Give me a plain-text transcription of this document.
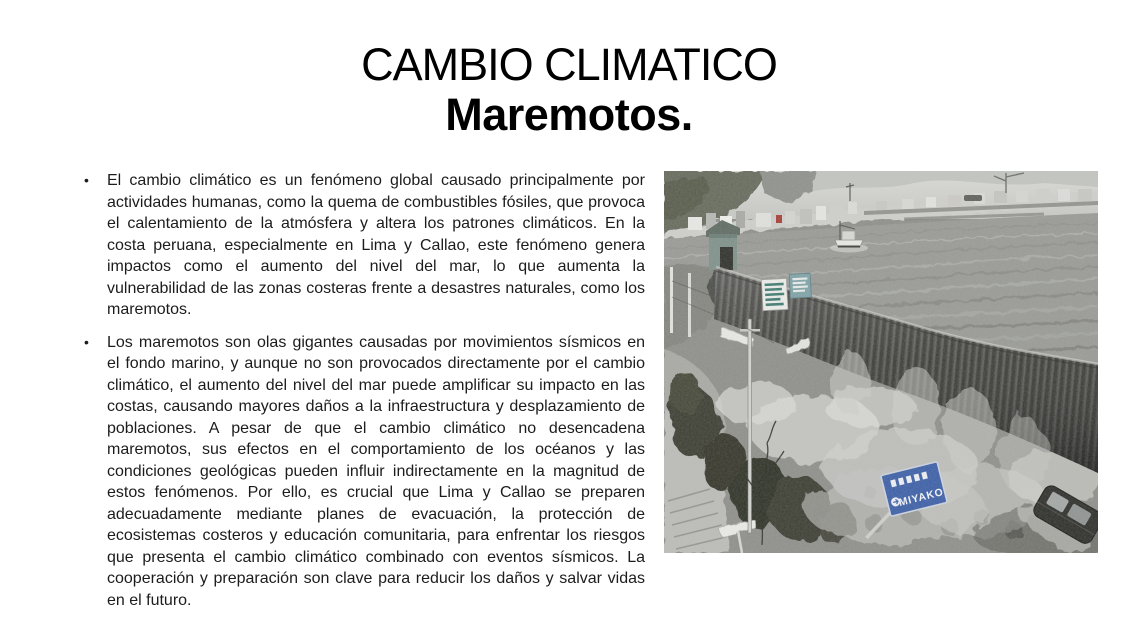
CAMBIO CLIMATICO
Maremotos.
•	El cambio climático es un fenómeno global causado principalmente por actividades humanas, como la quema de combustibles fósiles, que provoca el calentamiento de la atmósfera y altera los patrones climáticos. En la costa peruana, especialmente en Lima y Callao, este fenómeno genera impactos como el aumento del nivel del mar, lo que aumenta la vulnerabilidad de las zonas costeras frente a desastres naturales, como los maremotos.
•	Los maremotos son olas gigantes causadas por movimientos sísmicos en el fondo marino, y aunque no son provocados directamente por el cambio climático, el aumento del nivel del mar puede amplificar su impacto en las costas, causando mayores daños a la infraestructura y desplazamiento de poblaciones. A pesar de que el cambio climático no desencadena maremotos, sus efectos en el comportamiento de los océanos y las condiciones geológicas pueden influir indirectamente en la magnitud de estos fenómenos. Por ello, es crucial que Lima y Callao se preparen adecuadamente mediante planes de evacuación, la protección de ecosistemas costeros y educación comunitaria, para enfrentar los riesgos que presenta el cambio climático combinado con eventos sísmicos. La cooperación y preparación son clave para reducir los daños y salvar vidas en el futuro.
MIYAKO
